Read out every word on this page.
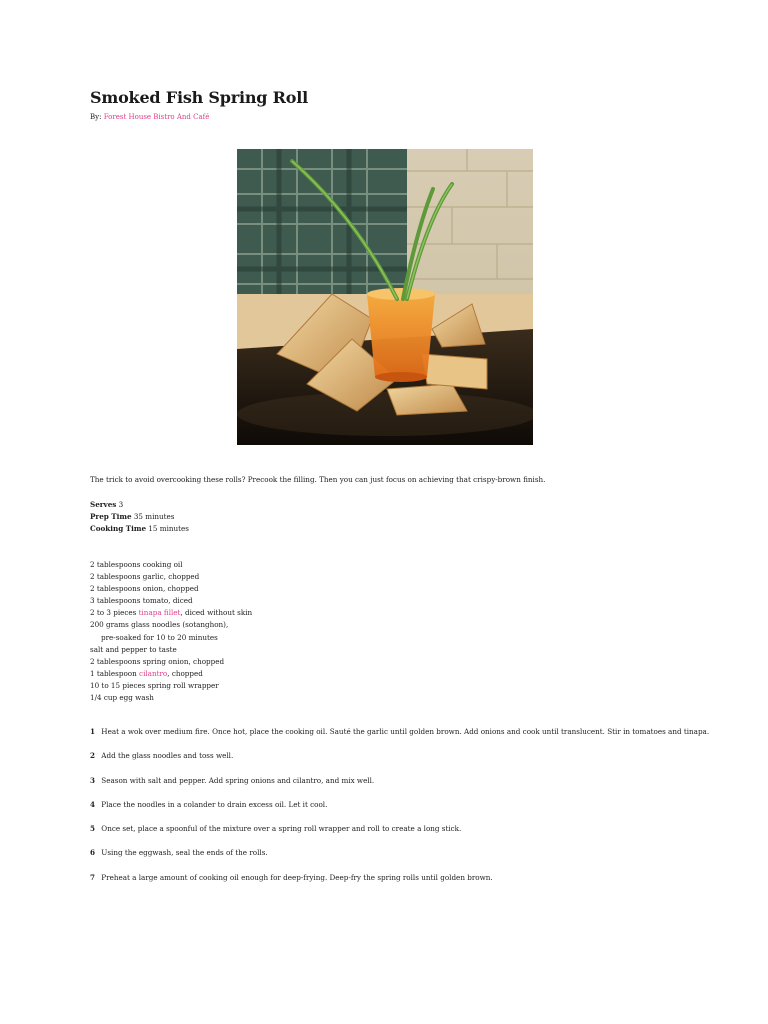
Smoked Fish Spring Roll
By: Forest House Bistro And Café
The trick to avoid overcooking these rolls? Precook the filling. Then you can just focus on achieving that crispy-brown finish.
Serves 3
Prep Time 35 minutes
Cooking Time 15 minutes
2 tablespoons cooking oil
2 tablespoons garlic, chopped
2 tablespoons onion, chopped
3 tablespoons tomato, diced
2 to 3 pieces tinapa fillet, diced without skin
200 grams glass noodles (sotanghon),
pre-soaked for 10 to 20 minutes
salt and pepper to taste
2 tablespoons spring onion, chopped
1 tablespoon cilantro, chopped
10 to 15 pieces spring roll wrapper
1/4 cup egg wash
1 Heat a wok over medium fire. Once hot, place the cooking oil. Sauté the garlic until golden brown. Add onions and cook until translucent. Stir in tomatoes and tinapa.
2 Add the glass noodles and toss well.
3 Season with salt and pepper. Add spring onions and cilantro, and mix well.
4 Place the noodles in a colander to drain excess oil. Let it cool.
5 Once set, place a spoonful of the mixture over a spring roll wrapper and roll to create a long stick.
6 Using the eggwash, seal the ends of the rolls.
7 Preheat a large amount of cooking oil enough for deep-frying. Deep-fry the spring rolls until golden brown.
